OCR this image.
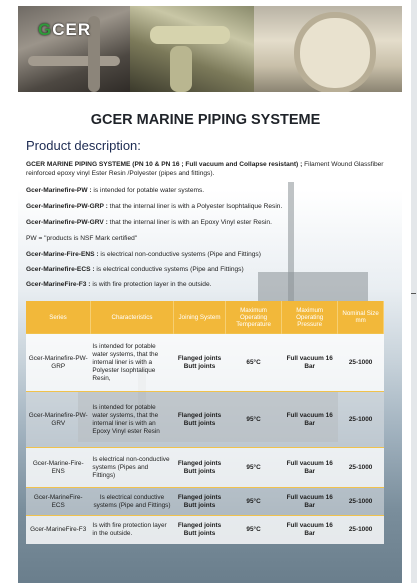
GCER
GCER MARINE PIPING SYSTEME
Product description:
GCER MARINE PIPING SYSTEME (PN 10 & PN 16 ; Full vacuum and Collapse resistant) ; Filament Wound Glassfiber reinforced epoxy vinyl Ester Resin /Polyester (pipes and fittings).
Gcer-Marinefire-PW : is intended for potable water systems.
Gcer-Marinefire-PW-GRP : that the internal liner is with a Polyester Isophtalique Resin.
Gcer-Marinefire-PW-GRV : that the internal liner is with an Epoxy Vinyl ester Resin.
PW = "products is NSF Mark certified"
Gcer-Marine-Fire-ENS : is electrical non-conductive systems (Pipe and Fittings)
Gcer-Marinefire-ECS : is electrical conductive systems (Pipe and Fittings)
Gcer-MarineFire-F3 : is with fire protection layer in the outside.
Series	Characteristics	Joining System	Maximum Operating Temperature	Maximum Operating Pressure	Nominal Size mm
Gcer-Marinefire-PW-GRP	Is intended for potable water systems, that the internal liner is with a Polyester Isophtalique Resin,	Flanged joints Butt joints	65°C	Full vacuum 16 Bar	25-1000
Gcer-Marinefire-PW-GRV	Is intended for potable water systems, that the internal liner is with an Epoxy Vinyl ester Resin	Flanged joints Butt joints	95°C	Full vacuum 16 Bar	25-1000
Gcer-Marine-Fire-ENS	Is electrical non-conductive systems (Pipes and Fittings)	Flanged joints Butt joints	95°C	Full vacuum 16 Bar	25-1000
Gcer-MarineFire-ECS	Is electrical conductive systems (Pipe and Fittings)	Flanged joints Butt joints	95°C	Full vacuum 16 Bar	25-1000
Gcer-MarineFire-F3	Is with fire protection layer in the outside.	Flanged joints Butt joints	95°C	Full vacuum 16 Bar	25-1000
